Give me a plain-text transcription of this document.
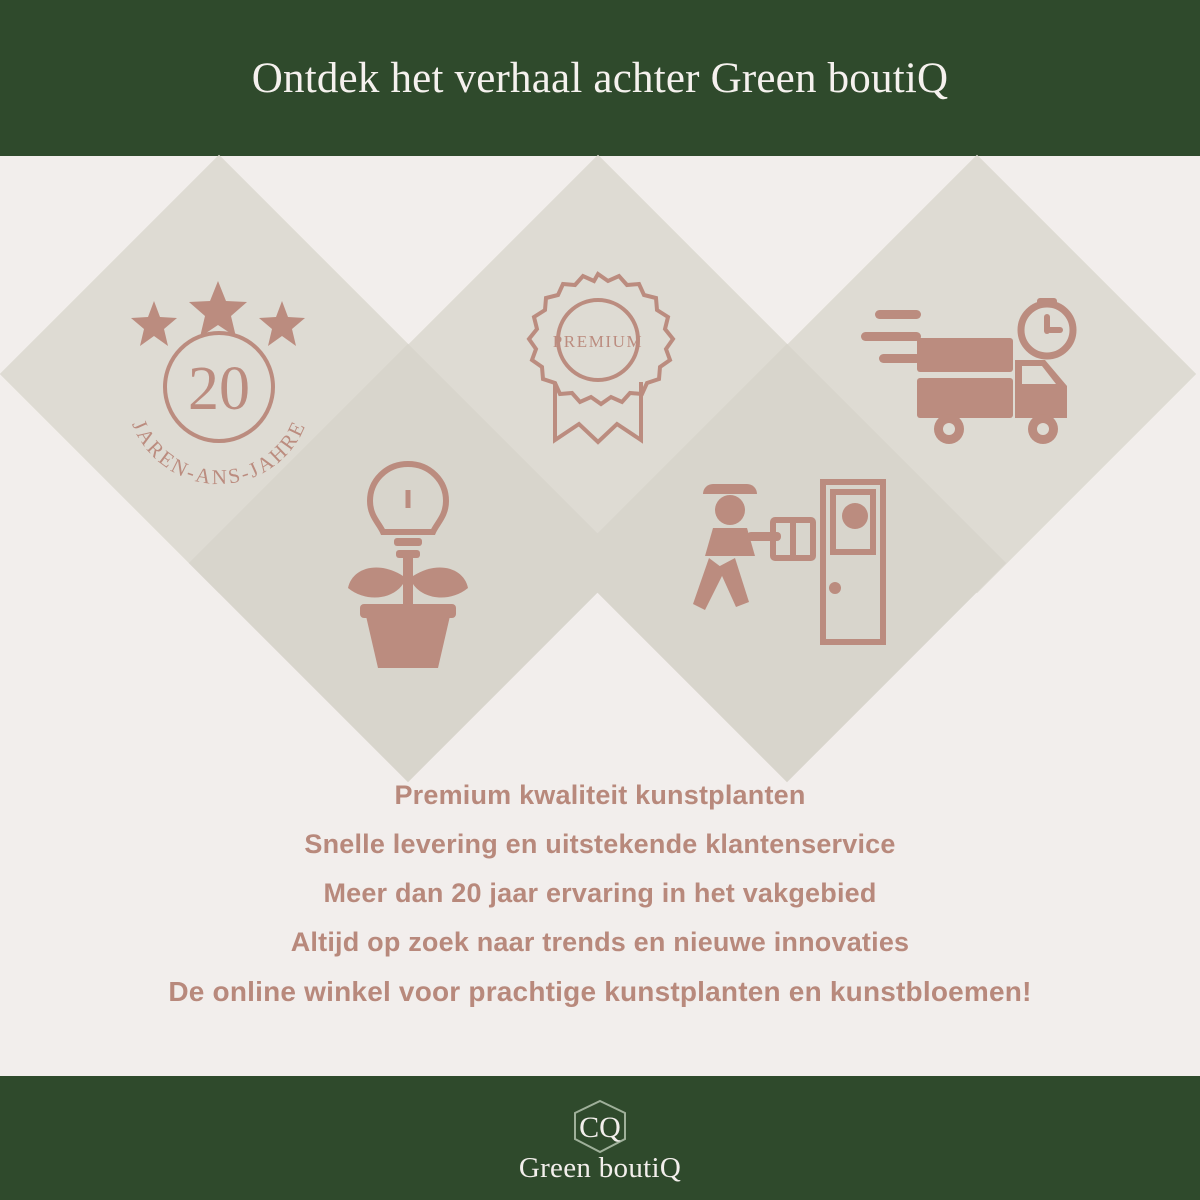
Ontdek het verhaal achter Green boutiQ
20
JAREN-ANS-JAHRE
PREMIUM

Premium kwaliteit kunstplanten

Snelle levering en uitstekende klantenservice

Meer dan 20 jaar ervaring in het vakgebied

Altijd op zoek naar trends en nieuwe innovaties

De online winkel voor prachtige kunstplanten en kunstbloemen!

CQ
Green boutiQ
